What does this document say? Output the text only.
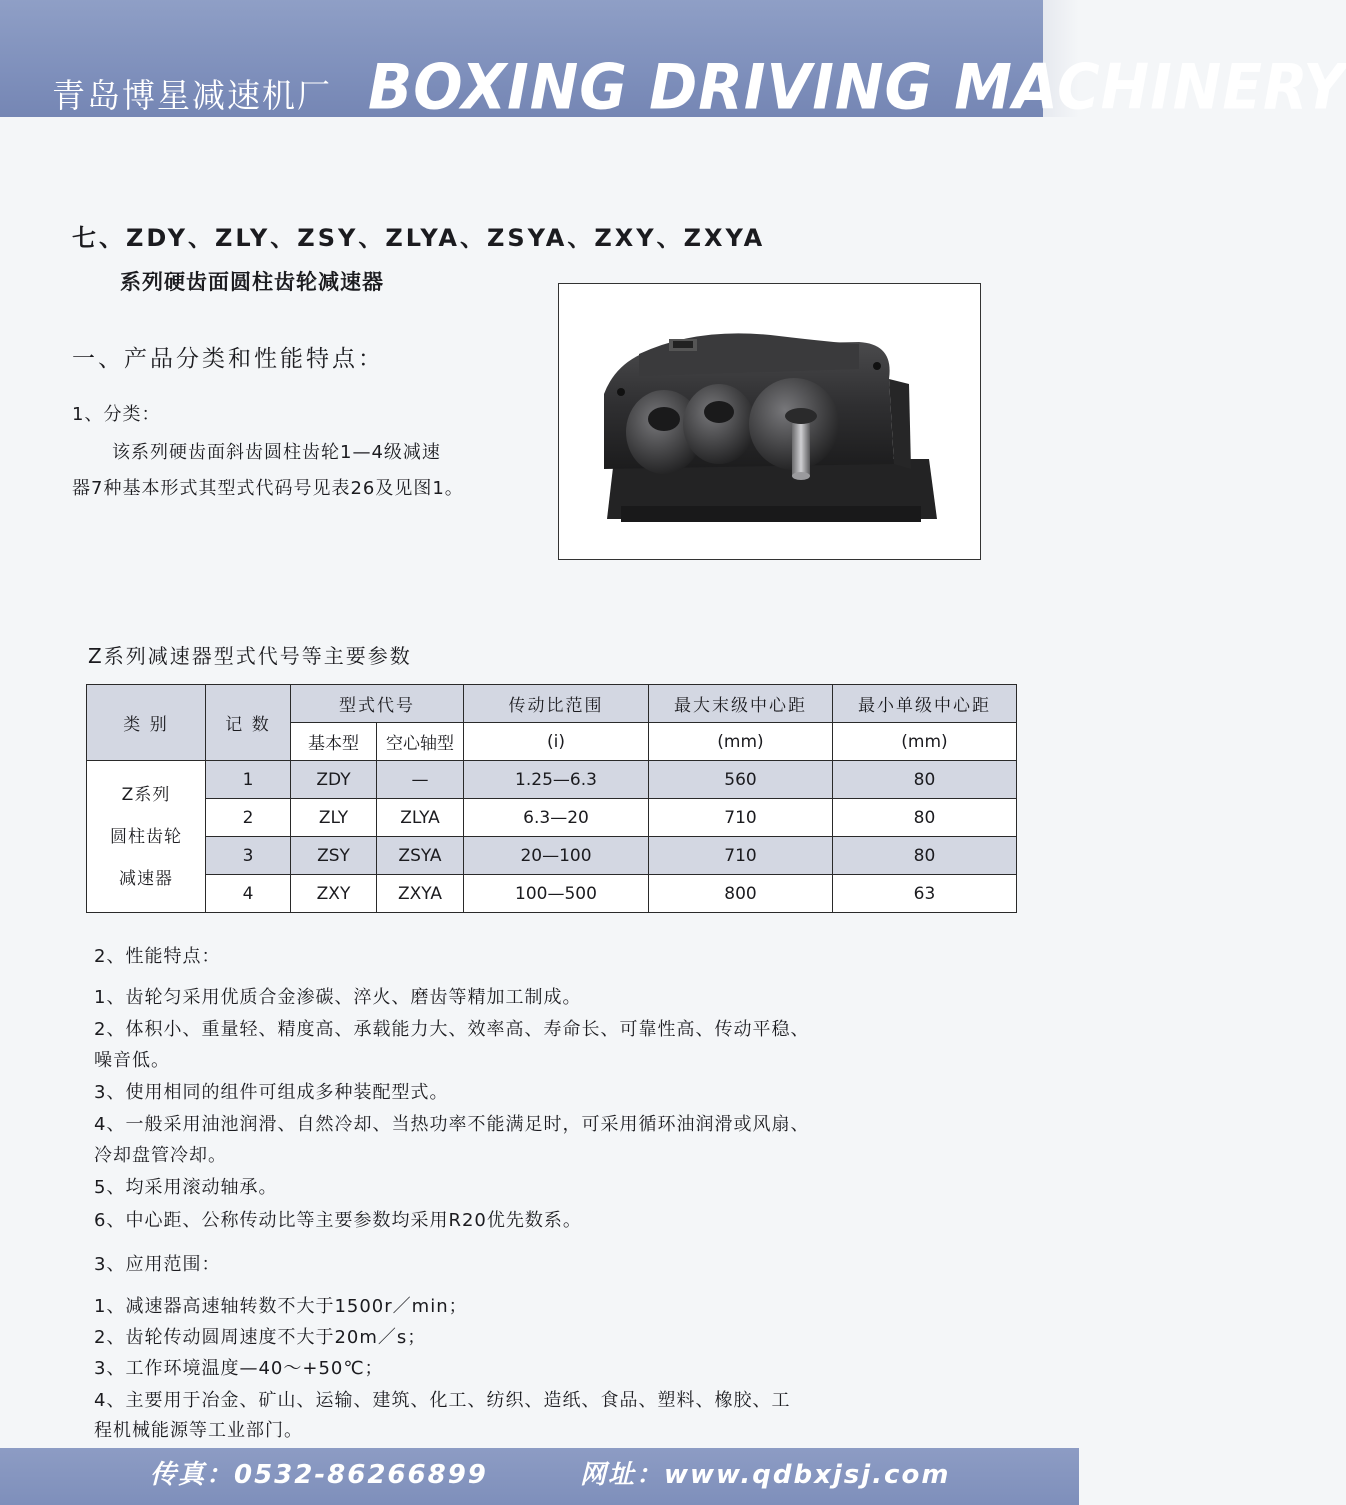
青岛博星减速机厂 BOXING DRIVING MACHINERY
七、ZDY、ZLY、ZSY、ZLYA、ZSYA、ZXY、ZXYA
系列硬齿面圆柱齿轮减速器
一、产品分类和性能特点：
1、分类：
该系列硬齿面斜齿圆柱齿轮1—4级减速
器7种基本形式其型式代码号见表26及见图1。
Z系列减速器型式代号等主要参数
类 别	记 数	型式代号		传动比范围	最大末级中心距	最小单级中心距
		基本型	空心轴型	(i)	(mm)	(mm)

Z系列
圆柱齿轮
减速器	1	ZDY	—	1.25—6.3	560	80
	2	ZLY	ZLYA	6.3—20	710	80
	3	ZSY	ZSYA	20—100	710	80
	4	ZXY	ZXYA	100—500	800	63
2、性能特点：
1、齿轮匀采用优质合金渗碳、淬火、磨齿等精加工制成。
2、体积小、重量轻、精度高、承载能力大、效率高、寿命长、可靠性高、传动平稳、
噪音低。
3、使用相同的组件可组成多种装配型式。
4、一般采用油池润滑、自然冷却、当热功率不能满足时，可采用循环油润滑或风扇、
冷却盘管冷却。
5、均采用滚动轴承。
6、中心距、公称传动比等主要参数均采用R20优先数系。
3、应用范围：
1、减速器高速轴转数不大于1500r／min；
2、齿轮传动圆周速度不大于20m／s；
3、工作环境温度—40～+50℃；
4、主要用于冶金、矿山、运输、建筑、化工、纺织、造纸、食品、塑料、橡胶、工
程机械能源等工业部门。
传真：0532-86266899	网址：www.qdbxjsj.com
